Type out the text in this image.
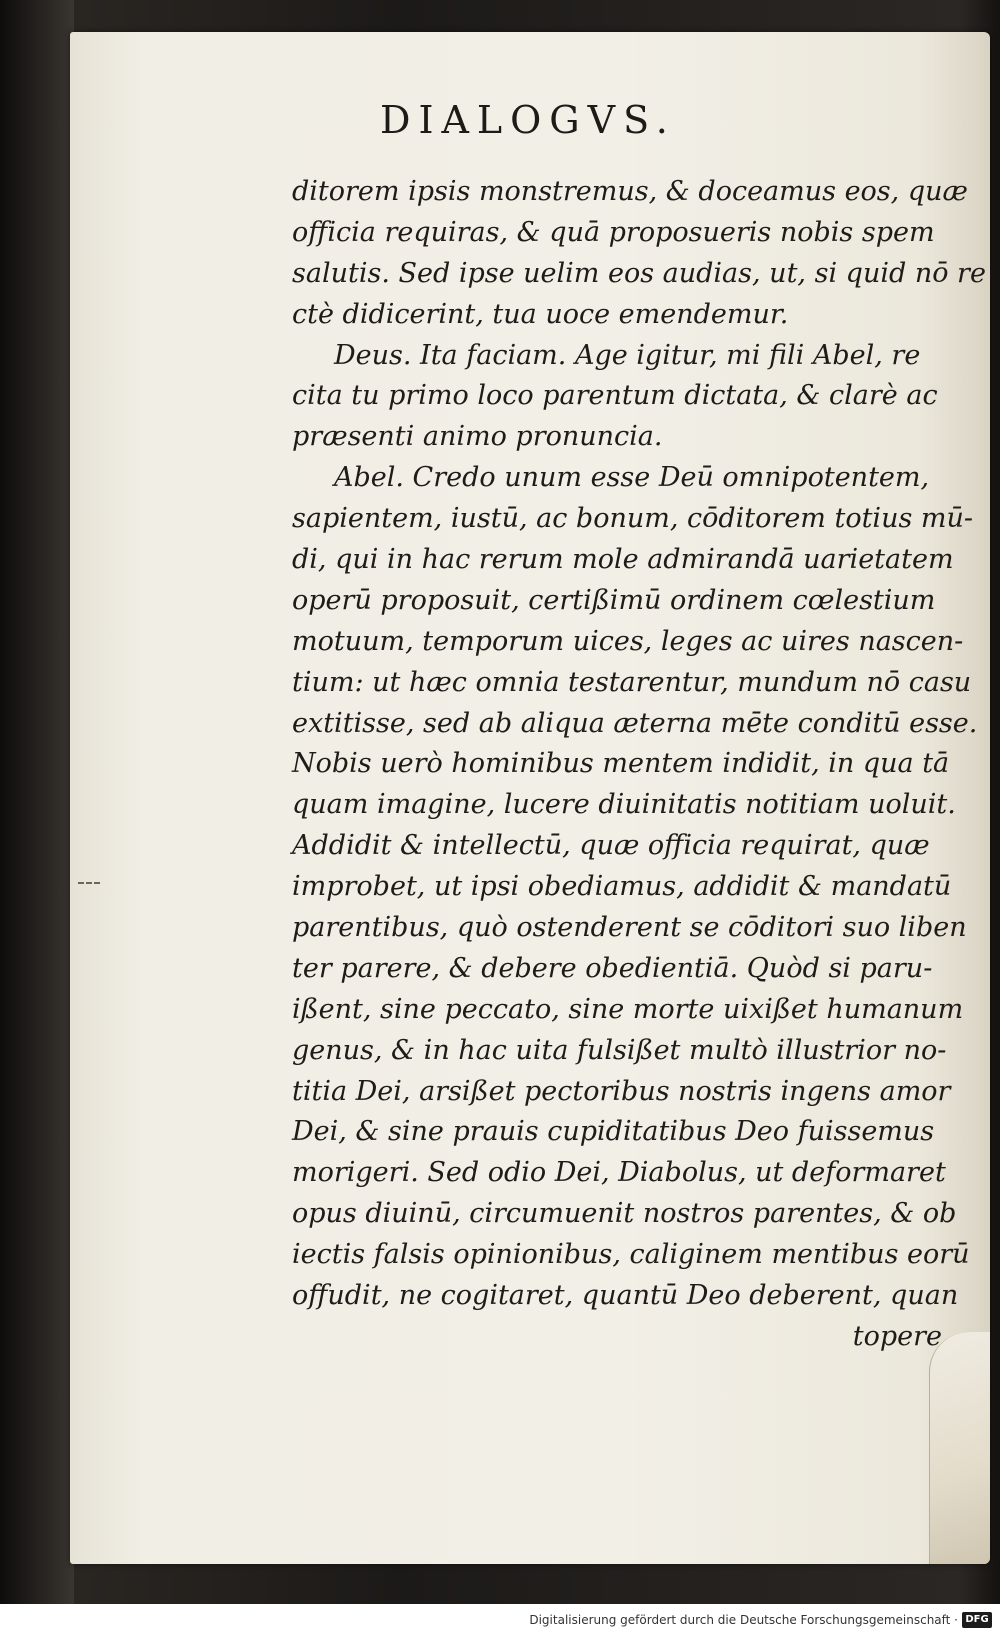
DIALOGVS.
ditorem ipsis monstremus, & doceamus eos, quæ
officia requiras, & quā proposueris nobis spem
salutis. Sed ipse uelim eos audias, ut, si quid nō re
ctè didicerint, tua uoce emendemur.
Deus. Ita faciam. Age igitur, mi fili Abel, re
cita tu primo loco parentum dictata, & clarè ac
præsenti animo pronuncia.
Abel. Credo unum esse Deū omnipotentem,
sapientem, iustū, ac bonum, cōditorem totius mū-
di, qui in hac rerum mole admirandā uarietatem
operū proposuit, certißimū ordinem cœlestium
motuum, temporum uices, leges ac uires nascen-
tium: ut hæc omnia testarentur, mundum nō casu
extitisse, sed ab aliqua æterna mēte conditū esse.
Nobis uerò hominibus mentem indidit, in qua tā
quam imagine, lucere diuinitatis notitiam uoluit.
Addidit & intellectū, quæ officia requirat, quæ
improbet, ut ipsi obediamus, addidit & mandatū
parentibus, quò ostenderent se cōditori suo liben
ter parere, & debere obedientiā. Quòd si paru-
ißent, sine peccato, sine morte uixißet humanum
genus, & in hac uita fulsißet multò illustrior no-
titia Dei, arsißet pectoribus nostris ingens amor
Dei, & sine prauis cupiditatibus Deo fuissemus
morigeri. Sed odio Dei, Diabolus, ut deformaret
opus diuinū, circumuenit nostros parentes, & ob
iectis falsis opinionibus, caliginem mentibus eorū
offudit, ne cogitaret, quantū Deo deberent, quan
topere
Digitalisierung gefördert durch die Deutsche Forschungsgemeinschaft · DFG
